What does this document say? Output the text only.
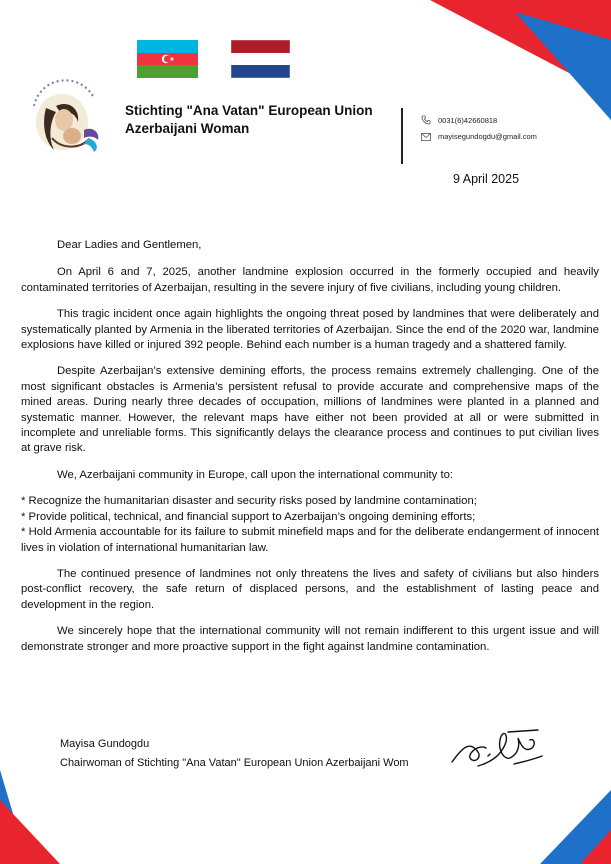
Stichting "Ana Vatan" European Union
Azerbaijani Woman
0031(6)42660818
mayisegundogdu@gmail.com
9 April 2025

Dear Ladies and Gentlemen,

On April 6 and 7, 2025, another landmine explosion occurred in the formerly occupied and heavily contaminated territories of Azerbaijan, resulting in the severe injury of five civilians, including young children.

This tragic incident once again highlights the ongoing threat posed by landmines that were deliberately and systematically planted by Armenia in the liberated territories of Azerbaijan. Since the end of the 2020 war, landmine explosions have killed or injured 392 people. Behind each number is a human tragedy and a shattered family.

Despite Azerbaijan’s extensive demining efforts, the process remains extremely challenging. One of the most significant obstacles is Armenia’s persistent refusal to provide accurate and comprehensive maps of the mined areas. During nearly three decades of occupation, millions of landmines were planted in a planned and systematic manner. However, the relevant maps have either not been provided at all or were submitted in incomplete and unreliable forms. This significantly delays the clearance process and continues to put civilian lives at grave risk.

We, Azerbaijani community in Europe, call upon the international community to:

* Recognize the humanitarian disaster and security risks posed by landmine contamination;

* Provide political, technical, and financial support to Azerbaijan’s ongoing demining efforts;

* Hold Armenia accountable for its failure to submit minefield maps and for the deliberate endangerment of innocent lives in violation of international humanitarian law.

The continued presence of landmines not only threatens the lives and safety of civilians but also hinders post-conflict recovery, the safe return of displaced persons, and the establishment of lasting peace and development in the region.

We sincerely hope that the international community will not remain indifferent to this urgent issue and will demonstrate stronger and more proactive support in the fight against landmine contamination.

Mayisa Gundogdu
Chairwoman of Stichting "Ana Vatan" European Union Azerbaijani Wom
